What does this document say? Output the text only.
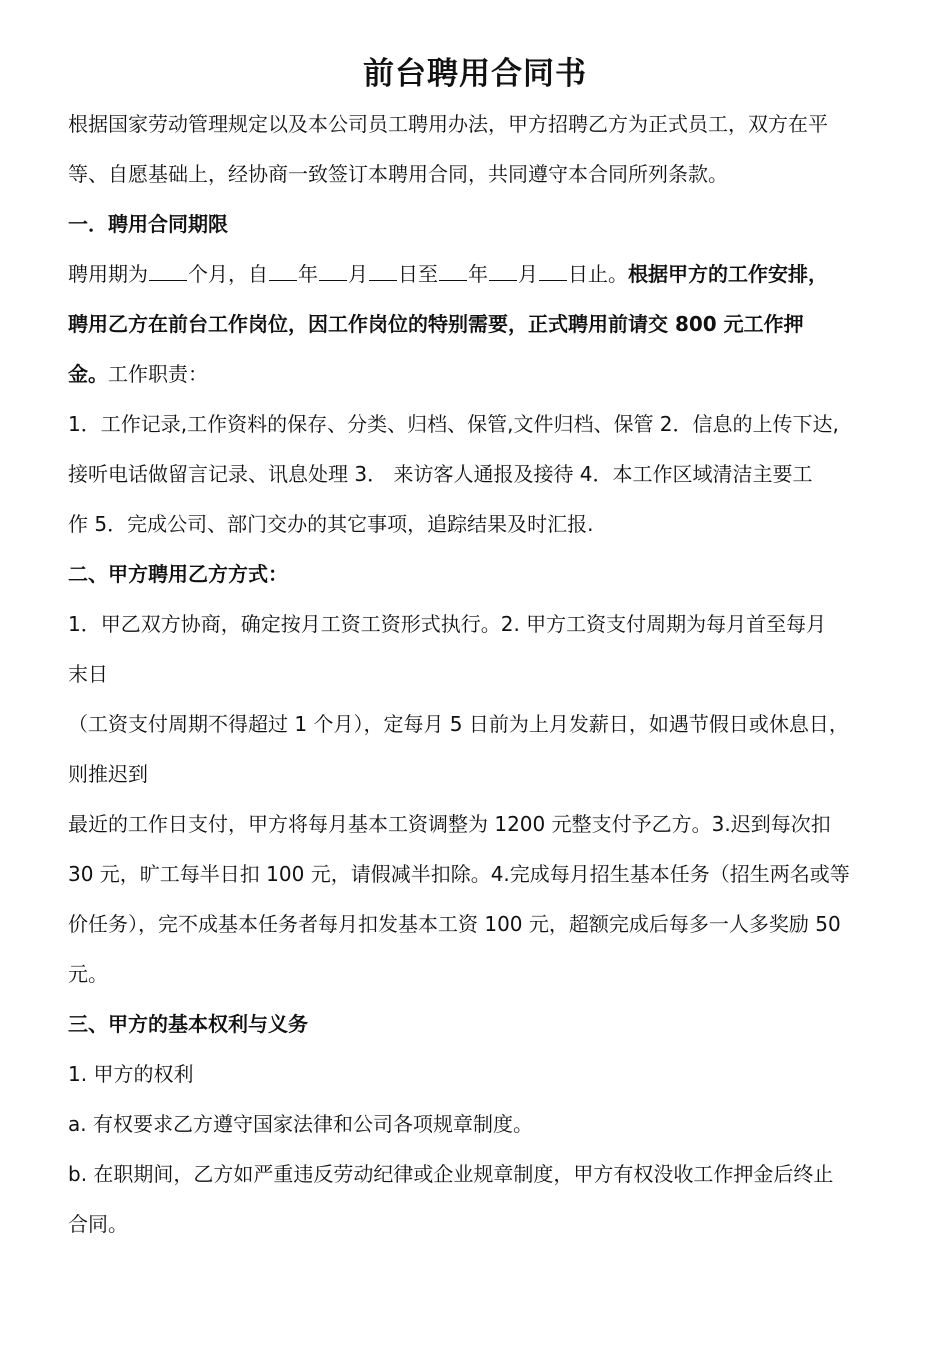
前台聘用合同书
根据国家劳动管理规定以及本公司员工聘用办法，甲方招聘乙方为正式员工，双方在平
等、自愿基础上，经协商一致签订本聘用合同，共同遵守本合同所列条款。
一．聘用合同期限
聘用期为 个月，自 年 月 日至 年 月 日止。根据甲方的工作安排，
聘用乙方在前台工作岗位，因工作岗位的特别需要，正式聘用前请交 800 元工作押
金。工作职责：
1．工作记录,工作资料的保存、分类、归档、保管,文件归档、保管 2．信息的上传下达,
接听电话做留言记录、讯息处理 3． 来访客人通报及接待 4．本工作区域清洁主要工
作 5．完成公司、部门交办的其它事项，追踪结果及时汇报.
二、甲方聘用乙方方式：
1．甲乙双方协商，确定按月工资工资形式执行。2. 甲方工资支付周期为每月首至每月
末日
（工资支付周期不得超过 1 个月），定每月 5 日前为上月发薪日，如遇节假日或休息日，
则推迟到
最近的工作日支付，甲方将每月基本工资调整为 1200 元整支付予乙方。3.迟到每次扣
30 元，旷工每半日扣 100 元，请假减半扣除。4.完成每月招生基本任务（招生两名或等
价任务），完不成基本任务者每月扣发基本工资 100 元，超额完成后每多一人多奖励 50
元。
三、甲方的基本权利与义务
1. 甲方的权利
a. 有权要求乙方遵守国家法律和公司各项规章制度。
b. 在职期间，乙方如严重违反劳动纪律或企业规章制度，甲方有权没收工作押金后终止
合同。
